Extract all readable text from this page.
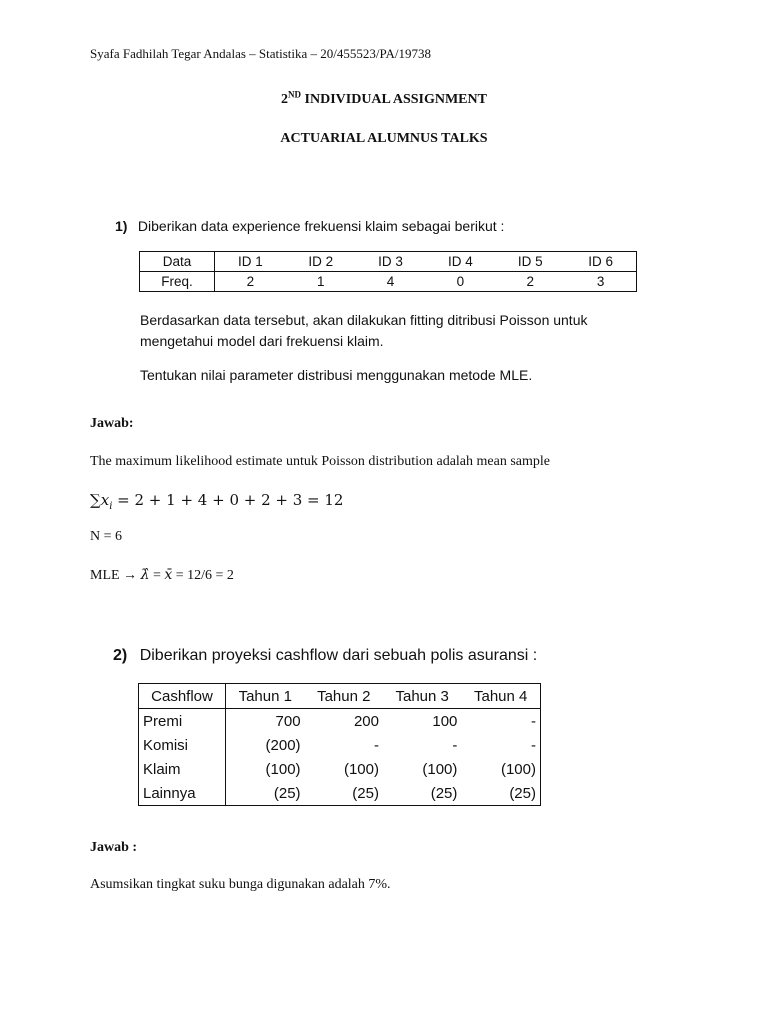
Syafa Fadhilah Tegar Andalas – Statistika – 20/455523/PA/19738
2ND INDIVIDUAL ASSIGNMENT
ACTUARIAL ALUMNUS TALKS
1) Diberikan data experience frekuensi klaim sebagai berikut :
Data	ID 1	ID 2	ID 3	ID 4	ID 5	ID 6
Freq.	2	1	4	0	2	3
Berdasarkan data tersebut, akan dilakukan fitting ditribusi Poisson untuk
mengetahui model dari frekuensi klaim.
Tentukan nilai parameter distribusi menggunakan metode MLE.
Jawab:
The maximum likelihood estimate untuk Poisson distribution adalah mean sample
$\sum x_i = 2 + 1 + 4 + 0 + 2 + 3 = 12$
N = 6
MLE → λ̂ = x̄ = 12/6 = 2
2) Diberikan proyeksi cashflow dari sebuah polis asuransi :
Cashflow	Tahun 1	Tahun 2	Tahun 3	Tahun 4
Premi	700	200	100	-
Komisi	(200)	-	-	-
Klaim	(100)	(100)	(100)	(100)
Lainnya	(25)	(25)	(25)	(25)
Jawab :
Asumsikan tingkat suku bunga digunakan adalah 7%.
